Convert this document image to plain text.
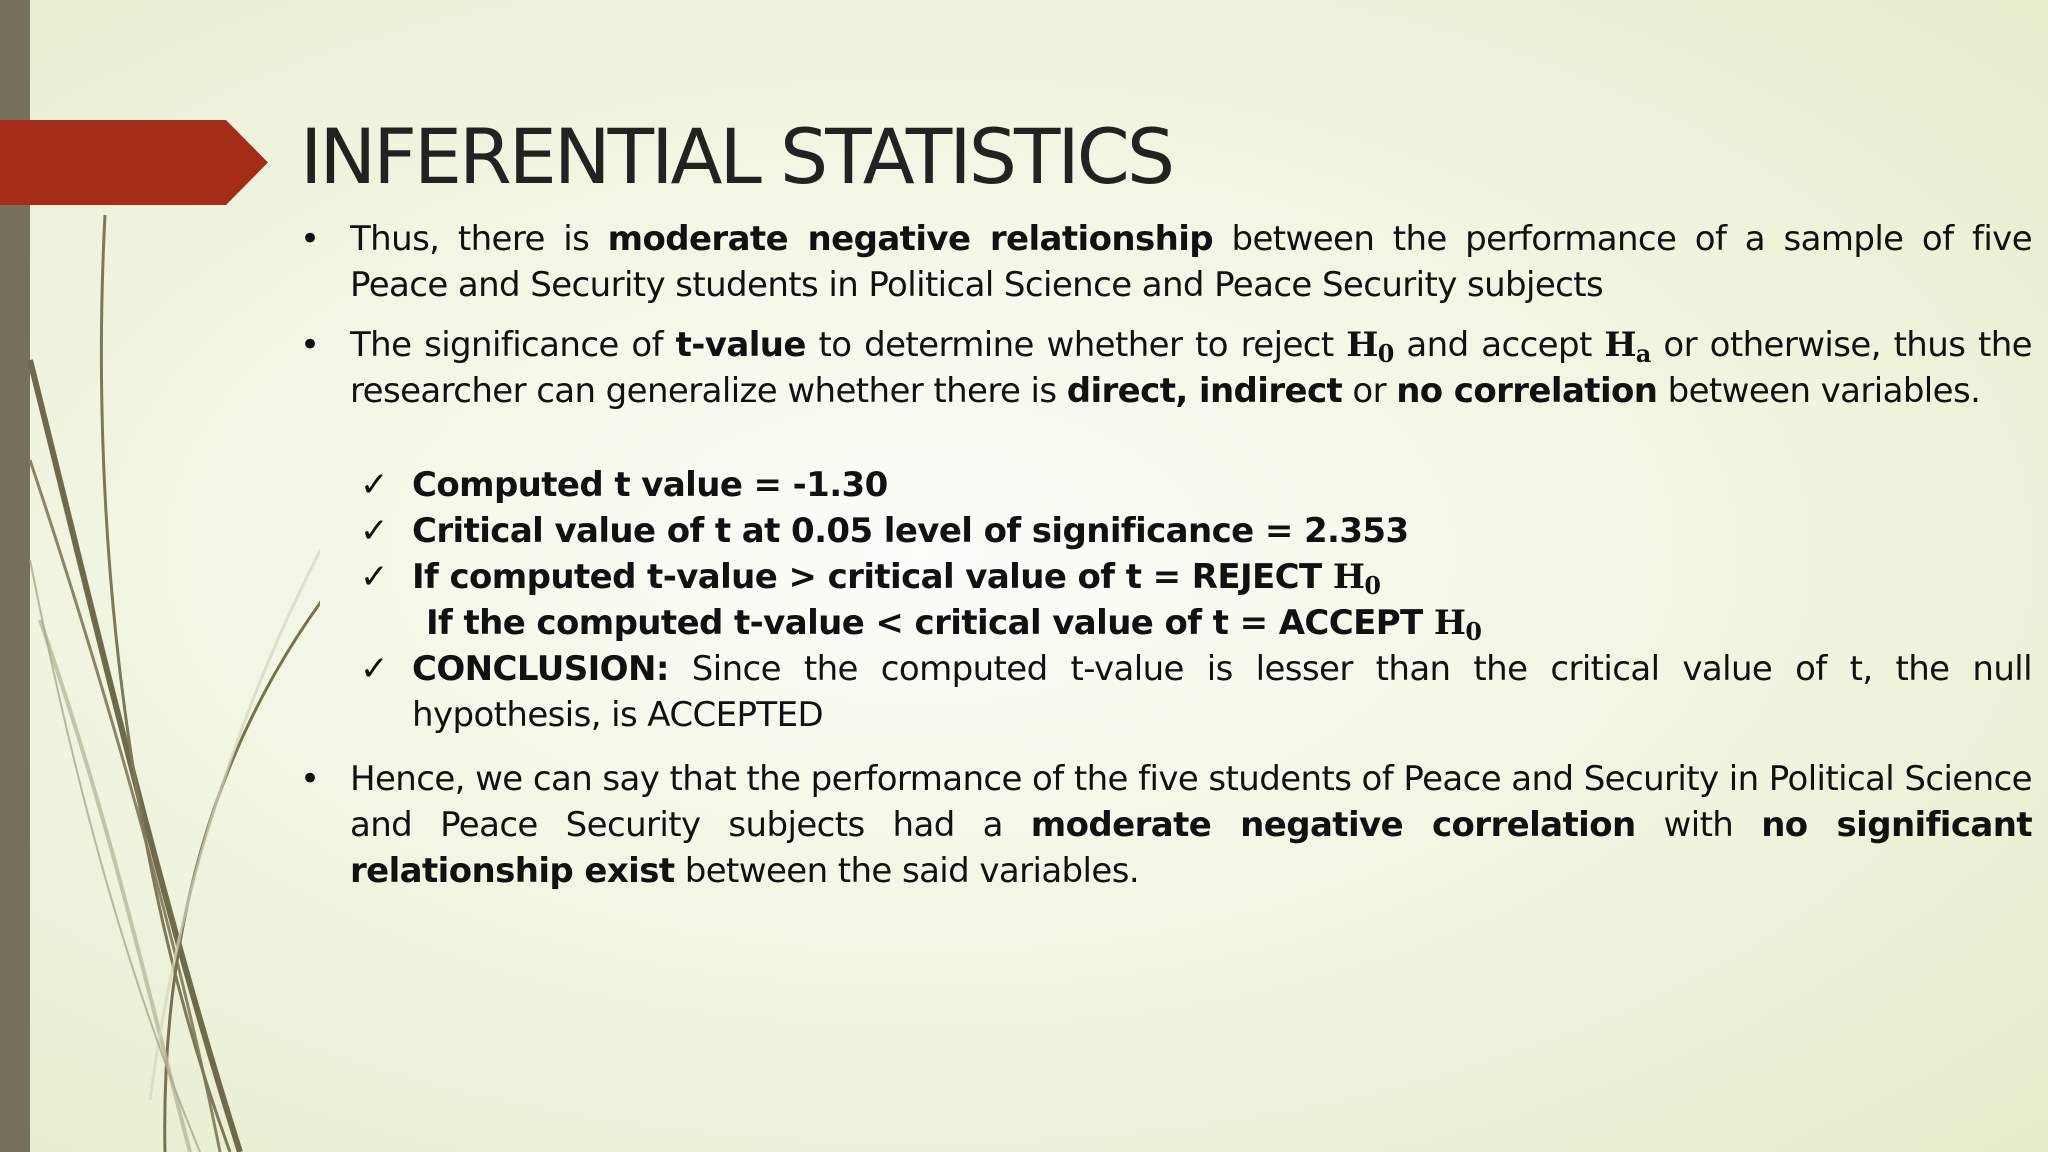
INFERENTIAL STATISTICS
• Thus, there is moderate negative relationship between the performance of a sample of five Peace and Security students in Political Science and Peace Security subjects
• The significance of t-value to determine whether to reject $H_0$ and accept $H_a$ or otherwise, thus the researcher can generalize whether there is direct, indirect or no correlation between variables.
✓ Computed t value = -1.30
✓ Critical value of t at 0.05 level of significance = 2.353
✓ If computed t-value > critical value of t = REJECT $H_0$
If the computed t-value < critical value of t = ACCEPT $H_0$
✓ CONCLUSION: Since the computed t-value is lesser than the critical value of t, the null hypothesis, is ACCEPTED
• Hence, we can say that the performance of the five students of Peace and Security in Political Science and Peace Security subjects had a moderate negative correlation with no significant relationship exist between the said variables.
